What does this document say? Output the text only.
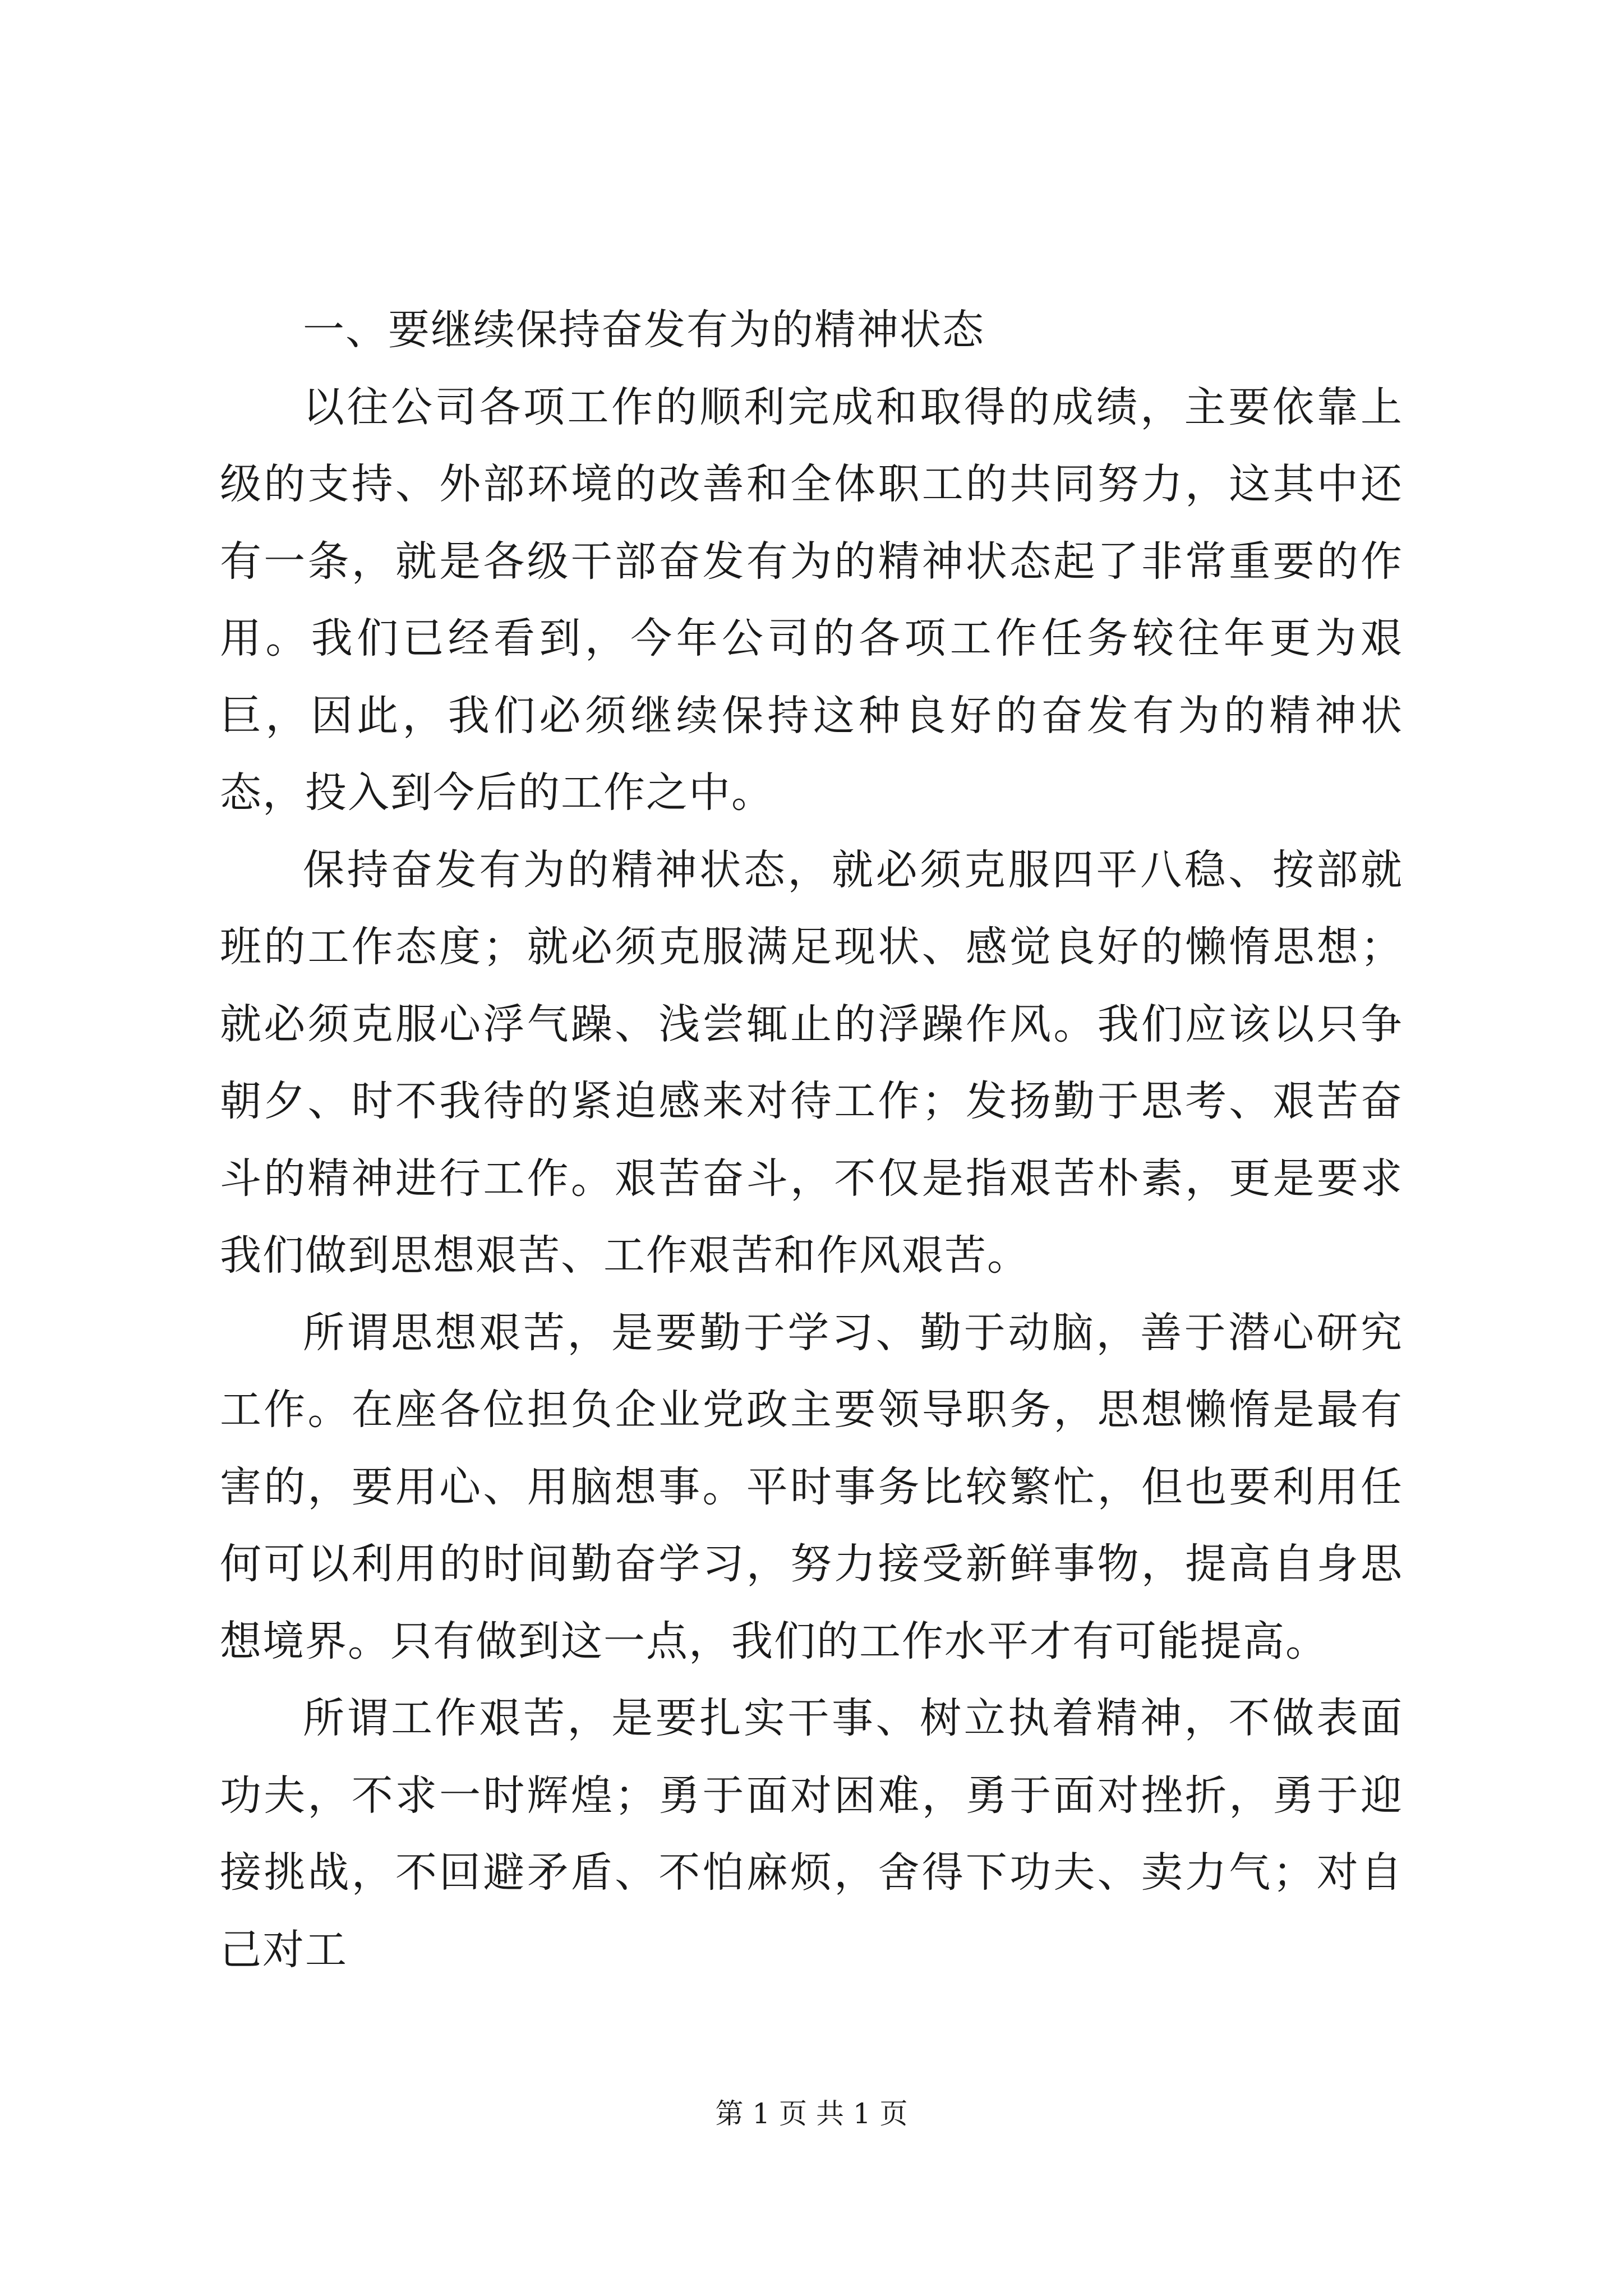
一、要继续保持奋发有为的精神状态

以往公司各项工作的顺利完成和取得的成绩，主要依靠上级的支持、外部环境的改善和全体职工的共同努力，这其中还有一条，就是各级干部奋发有为的精神状态起了非常重要的作用。我们已经看到，今年公司的各项工作任务较往年更为艰巨，因此，我们必须继续保持这种良好的奋发有为的精神状态，投入到今后的工作之中。

保持奋发有为的精神状态，就必须克服四平八稳、按部就班的工作态度；就必须克服满足现状、感觉良好的懒惰思想；就必须克服心浮气躁、浅尝辄止的浮躁作风。我们应该以只争朝夕、时不我待的紧迫感来对待工作；发扬勤于思考、艰苦奋斗的精神进行工作。艰苦奋斗，不仅是指艰苦朴素，更是要求我们做到思想艰苦、工作艰苦和作风艰苦。

所谓思想艰苦，是要勤于学习、勤于动脑，善于潜心研究工作。在座各位担负企业党政主要领导职务，思想懒惰是最有害的，要用心、用脑想事。平时事务比较繁忙，但也要利用任何可以利用的时间勤奋学习，努力接受新鲜事物，提高自身思想境界。只有做到这一点，我们的工作水平才有可能提高。

所谓工作艰苦，是要扎实干事、树立执着精神，不做表面功夫，不求一时辉煌；勇于面对困难，勇于面对挫折，勇于迎接挑战，不回避矛盾、不怕麻烦，舍得下功夫、卖力气；对自己对工

第 1 页 共 1 页
